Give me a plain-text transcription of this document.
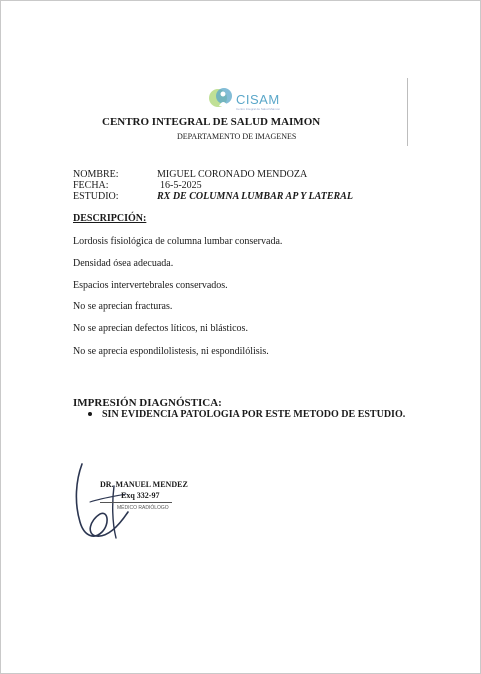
CISAM
Centro Integral de Salud Maimon
CENTRO INTEGRAL DE SALUD MAIMON
DEPARTAMENTO DE IMAGENES
NOMBRE:	MIGUEL CORONADO MENDOZA
FECHA:	16-5-2025
ESTUDIO:	RX DE COLUMNA LUMBAR AP Y LATERAL
DESCRIPCIÓN:
Lordosis fisiológica de columna lumbar conservada.
Densidad ósea adecuada.
Espacios intervertebrales conservados.
No se aprecian fracturas.
No se aprecian defectos líticos, ni blásticos.
No se aprecia espondilolistesis, ni espondilólisis.
IMPRESIÓN DIAGNÓSTICA:
SIN EVIDENCIA PATOLOGIA POR ESTE METODO DE ESTUDIO.
DR. MANUEL MENDEZ
Exq 332-97
MÉDICO RADIÓLOGO
